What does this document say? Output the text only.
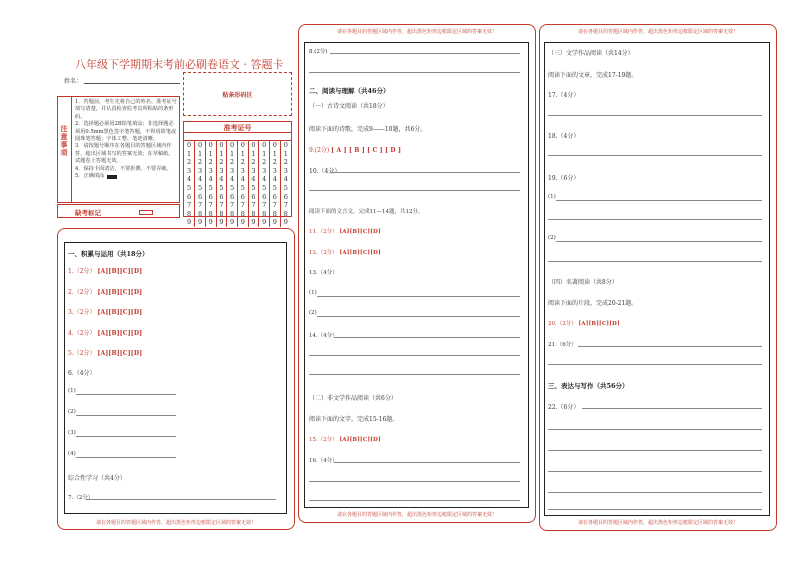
八年级下学期期末考前必刷卷语文 · 答题卡
姓名：
贴条形码区
注意事项
1．答题前，考生先将自己的姓名、准考证号填写清楚，并认真检查监考员所粘贴的条形码。
2．选择题必须用2B铅笔填涂；非选择题必须用0.5mm黑色签字笔答题，不得用铅笔或圆珠笔答题；字体工整、笔迹清晰。
3．请按题号顺序在各题目的答题区域内作答，超出区域书写的答案无效；在草稿纸、试题卷上答题无效。
4．保持卡面清洁，不要折叠、不要弄破。
5．正确填涂
准考证号
0	0	0	0	0	0	0	0	0	0
1	1	1	1	1	1	1	1	1	1
2	2	2	2	2	2	2	2	2	2
3	3	3	3	3	3	3	3	3	3
4	4	4	4	4	4	4	4	4	4
5	5	5	5	5	5	5	5	5	5
6	6	6	6	6	6	6	6	6	6
7	7	7	7	7	7	7	7	7	7
8	8	8	8	8	8	8	8	8	8
9	9	9	9	9	9	9	9	9	9
缺考标记
一、积累与运用（共18分）
1.（2分） [A][B][C][D]
2.（2分） [A][B][C][D]
3.（2分） [A][B][C][D]
4.（2分） [A][B][C][D]
5.（2分） [A][B][C][D]
6.（4分）
(1)
(2)
(3)
(4)
综合性学习（共4分）
7.（2分）
请在各题目的答题区域内作答，超出黑色矩形边框限定区域的答案无效！
请在各题目的答题区域内作答，超出黑色矩形边框限定区域的答案无效！
8.(2分)
二、阅读与理解（共46分）
（一）古诗文阅读（共18分）
阅读下面的诗歌，完成9——10题，共6分。
9.(2分) [ A ] [ B ] [ C ] [ D ]
10.（4分）
阅读下面的文言文，完成11—14题，共12分。
11.（2分） [A][B][C][D]
12.（2分） [A][B][C][D]
13.（4分）
(1)
(2)
14.（4分）
（二）非文学作品阅读（共6分）
阅读下面的文字，完成15-16题。
15.（2分） [A][B][C][D]
16.（4分）
请在各题目的答题区域内作答，超出黑色矩形边框限定区域的答案无效！
请在各题目的答题区域内作答，超出黑色矩形边框限定区域的答案无效！
（三）文学作品阅读（共14分）
阅读下面的文章，完成17-19题。
17.（4分）
18.（4分）
19.（6分）
(1)
(2)
（四）名著阅读（共8分）
阅读下面的片段，完成20-21题。
20.（2分） [A][B][C][D]
21.（6分）
三、表达与写作（共56分）
22.（6分）
请在各题目的答题区域内作答，超出黑色矩形边框限定区域的答案无效！
